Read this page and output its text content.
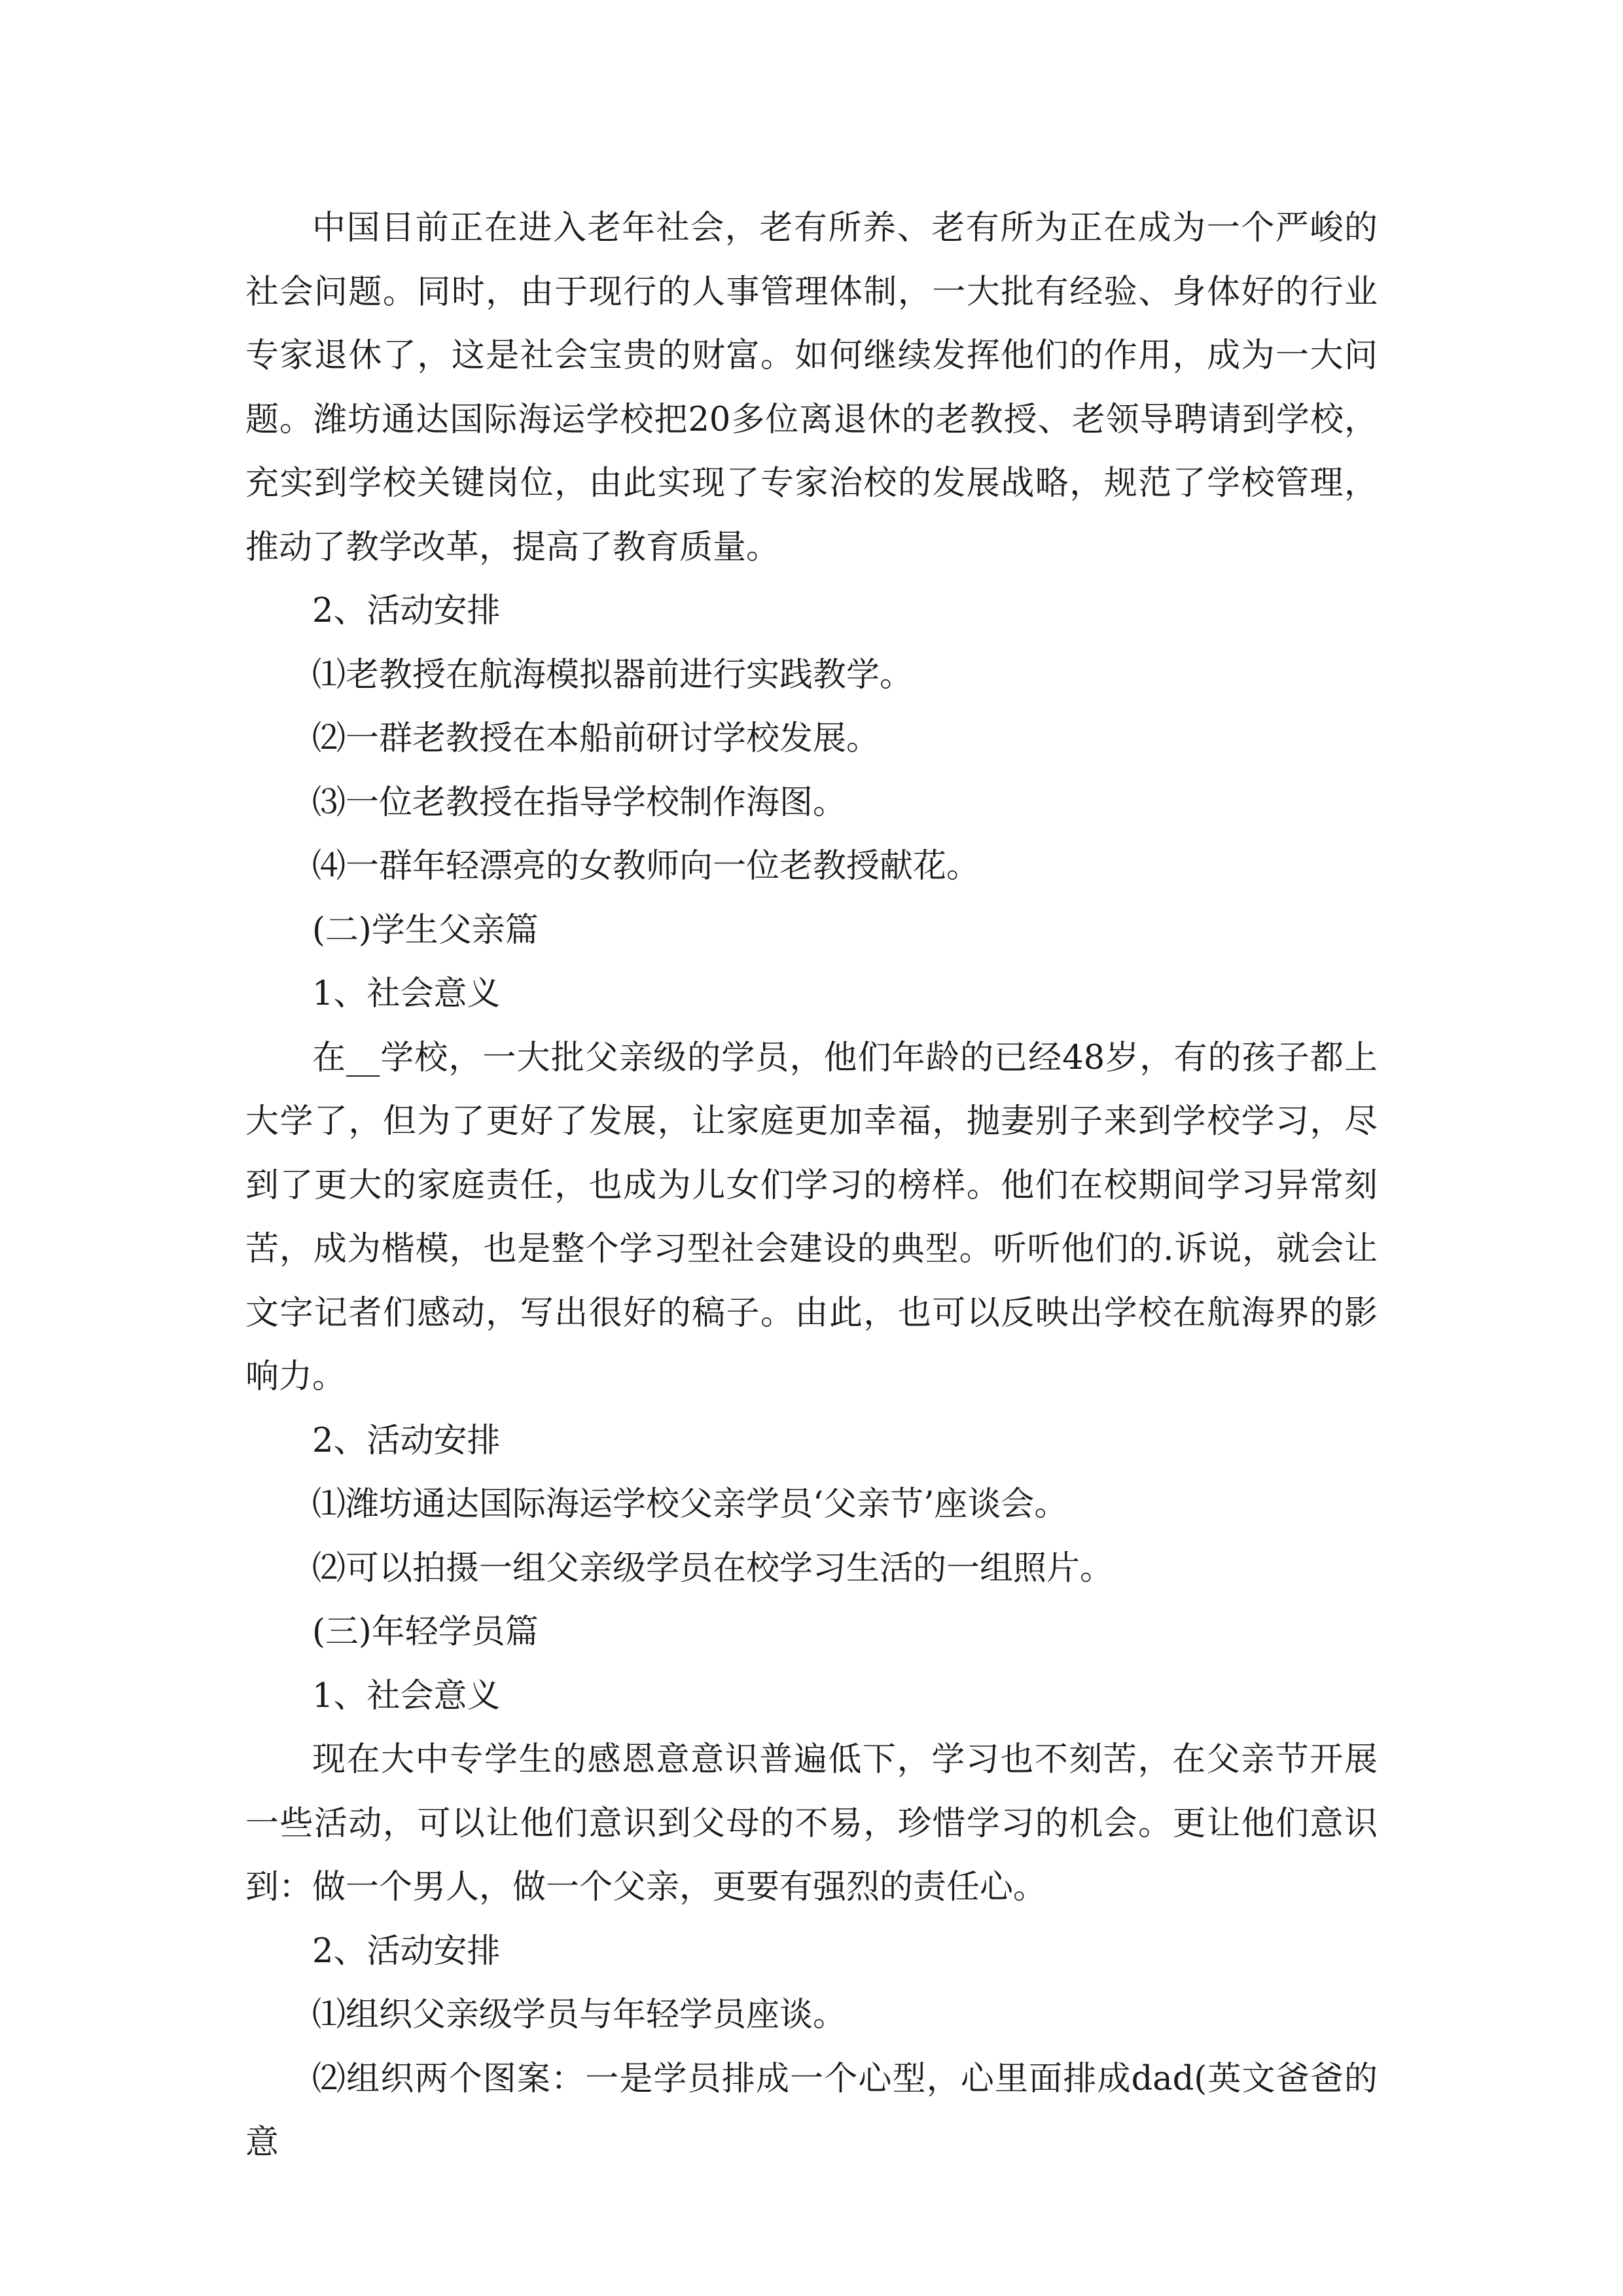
中国目前正在进入老年社会，老有所养、老有所为正在成为一个严峻的社会问题。同时，由于现行的人事管理体制，一大批有经验、身体好的行业专家退休了，这是社会宝贵的财富。如何继续发挥他们的作用，成为一大问题。潍坊通达国际海运学校把20多位离退休的老教授、老领导聘请到学校，充实到学校关键岗位，由此实现了专家治校的发展战略，规范了学校管理，推动了教学改革，提高了教育质量。

2、活动安排

⑴老教授在航海模拟器前进行实践教学。

⑵一群老教授在本船前研讨学校发展。

⑶一位老教授在指导学校制作海图。

⑷一群年轻漂亮的女教师向一位老教授献花。

(二)学生父亲篇

1、社会意义

在__学校，一大批父亲级的学员，他们年龄的已经48岁，有的孩子都上大学了，但为了更好了发展，让家庭更加幸福，抛妻别子来到学校学习，尽到了更大的家庭责任，也成为儿女们学习的榜样。他们在校期间学习异常刻苦，成为楷模，也是整个学习型社会建设的典型。听听他们的.诉说，就会让文字记者们感动，写出很好的稿子。由此，也可以反映出学校在航海界的影响力。

2、活动安排

⑴潍坊通达国际海运学校父亲学员‘父亲节’座谈会。

⑵可以拍摄一组父亲级学员在校学习生活的一组照片。

(三)年轻学员篇

1、社会意义

现在大中专学生的感恩意意识普遍低下，学习也不刻苦，在父亲节开展一些活动，可以让他们意识到父母的不易，珍惜学习的机会。更让他们意识到：做一个男人，做一个父亲，更要有强烈的责任心。

2、活动安排

⑴组织父亲级学员与年轻学员座谈。

⑵组织两个图案：一是学员排成一个心型，心里面排成dad(英文爸爸的意
